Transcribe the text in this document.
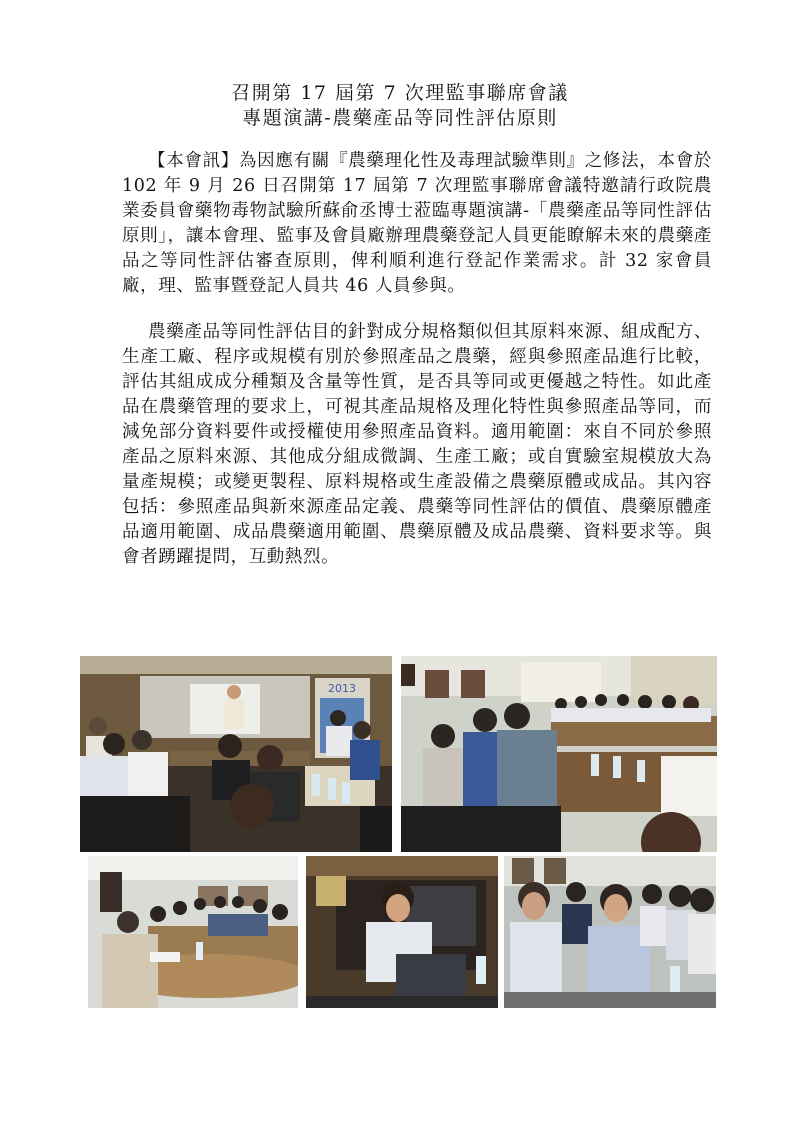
召開第 17 屆第 7 次理監事聯席會議
專題演講-農藥產品等同性評估原則

【本會訊】為因應有關『農藥理化性及毒理試驗準則』之修法，本會於 102 年 9 月 26 日召開第 17 屆第 7 次理監事聯席會議特邀請行政院農業委員會藥物毒物試驗所蘇俞丞博士蒞臨專題演講-「農藥產品等同性評估原則」，讓本會理、監事及會員廠辦理農藥登記人員更能瞭解未來的農藥產品之等同性評估審查原則，俾利順利進行登記作業需求。計 32 家會員廠，理、監事暨登記人員共 46 人員參與。

農藥產品等同性評估目的針對成分規格類似但其原料來源、組成配方、生產工廠、程序或規模有別於參照產品之農藥，經與參照產品進行比較，評估其組成成分種類及含量等性質，是否具等同或更優越之特性。如此產品在農藥管理的要求上，可視其產品規格及理化特性與參照產品等同，而減免部分資料要件或授權使用參照產品資料。適用範圍：來自不同於參照產品之原料來源、其他成分組成微調、生產工廠；或自實驗室規模放大為量產規模；或變更製程、原料規格或生產設備之農藥原體或成品。其內容包括：參照產品與新來源產品定義、農藥等同性評估的價值、農藥原體產品適用範圍、成品農藥適用範圍、農藥原體及成品農藥、資料要求等。與會者踴躍提問，互動熱烈。

2013
